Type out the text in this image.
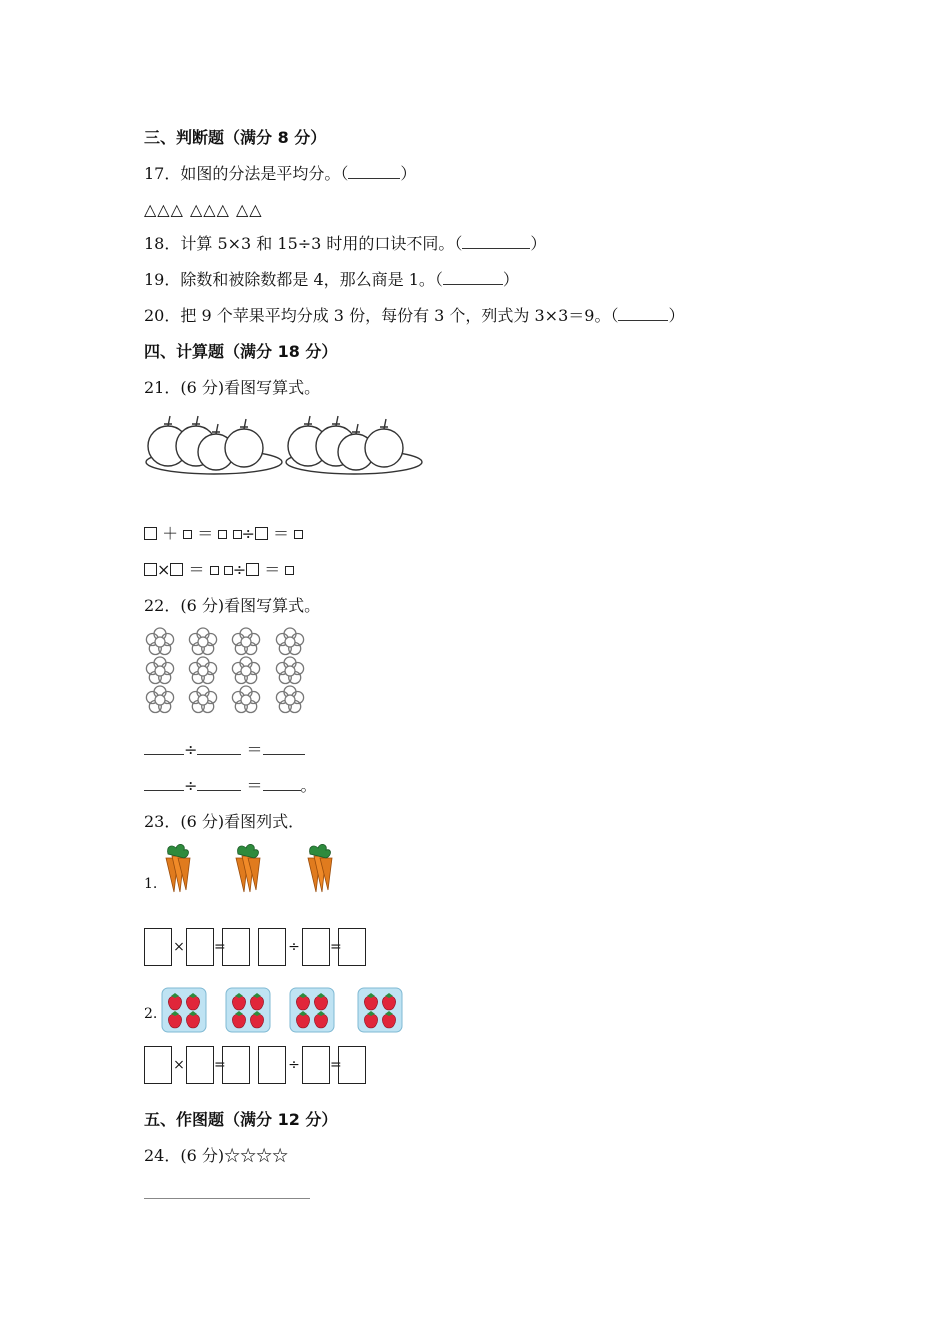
三、判断题（满分 8 分）
17．如图的分法是平均分。（	）
△△△ △△△ △△
18．计算 5×3 和 15÷3 时用的口诀不同。（	）
19．除数和被除数都是 4，那么商是 1。（	）
20．把 9 个苹果平均分成 3 份，每份有 3 个，列式为 3×3＝9。（	）
四、计算题（满分 18 分）
21．(6 分)看图写算式。
＋ ＝ ÷ ＝
× ＝ ÷ ＝
22．(6 分)看图写算式。
÷	＝
÷	＝ 。
23．(6 分)看图列式．
1.
× =	÷ =
2.
× =	÷ =
五、作图题（满分 12 分）
24．(6 分)☆☆☆☆
